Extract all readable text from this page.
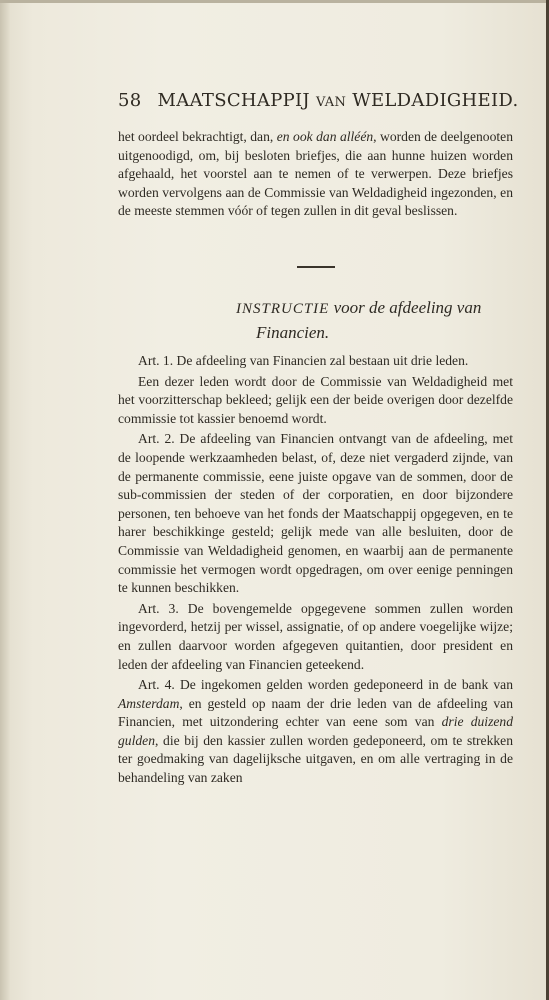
58 MAATSCHAPPIJ VAN WELDADIGHEID.

het oordeel bekrachtigt, dan, en ook dan alléén, worden de deelgenooten uitgenoodigd, om, bij besloten briefjes, die aan hunne huizen worden afgehaald, het voorstel aan te nemen of te verwerpen. Deze briefjes worden vervolgens aan de Commissie van Weldadigheid ingezonden, en de meeste stemmen vóór of tegen zullen in dit geval beslissen.

INSTRUCTIE voor de afdeeling van
Financien.

Art. 1. De afdeeling van Financien zal bestaan uit drie leden.

Een dezer leden wordt door de Commissie van Weldadigheid met het voorzitterschap bekleed; gelijk een der beide overigen door dezelfde commissie tot kassier benoemd wordt.

Art. 2. De afdeeling van Financien ontvangt van de afdeeling, met de loopende werkzaamheden belast, of, deze niet vergaderd zijnde, van de permanente commissie, eene juiste opgave van de sommen, door de sub-commissien der steden of der corporatien, en door bijzondere personen, ten behoeve van het fonds der Maatschappij opgegeven, en te harer beschikkinge gesteld; gelijk mede van alle besluiten, door de Commissie van Weldadigheid genomen, en waarbij aan de permanente commissie het vermogen wordt opgedragen, om over eenige penningen te kunnen beschikken.

Art. 3. De bovengemelde opgegevene sommen zullen worden ingevorderd, hetzij per wissel, assignatie, of op andere voegelijke wijze; en zullen daarvoor worden afgegeven quitantien, door president en leden der afdeeling van Financien geteekend.

Art. 4. De ingekomen gelden worden gedeponeerd in de bank van Amsterdam, en gesteld op naam der drie leden van de afdeeling van Financien, met uitzondering echter van eene som van drie duizend gulden, die bij den kassier zullen worden gedeponeerd, om te strekken ter goedmaking van dagelijksche uitgaven, en om alle vertraging in de behandeling van zaken
